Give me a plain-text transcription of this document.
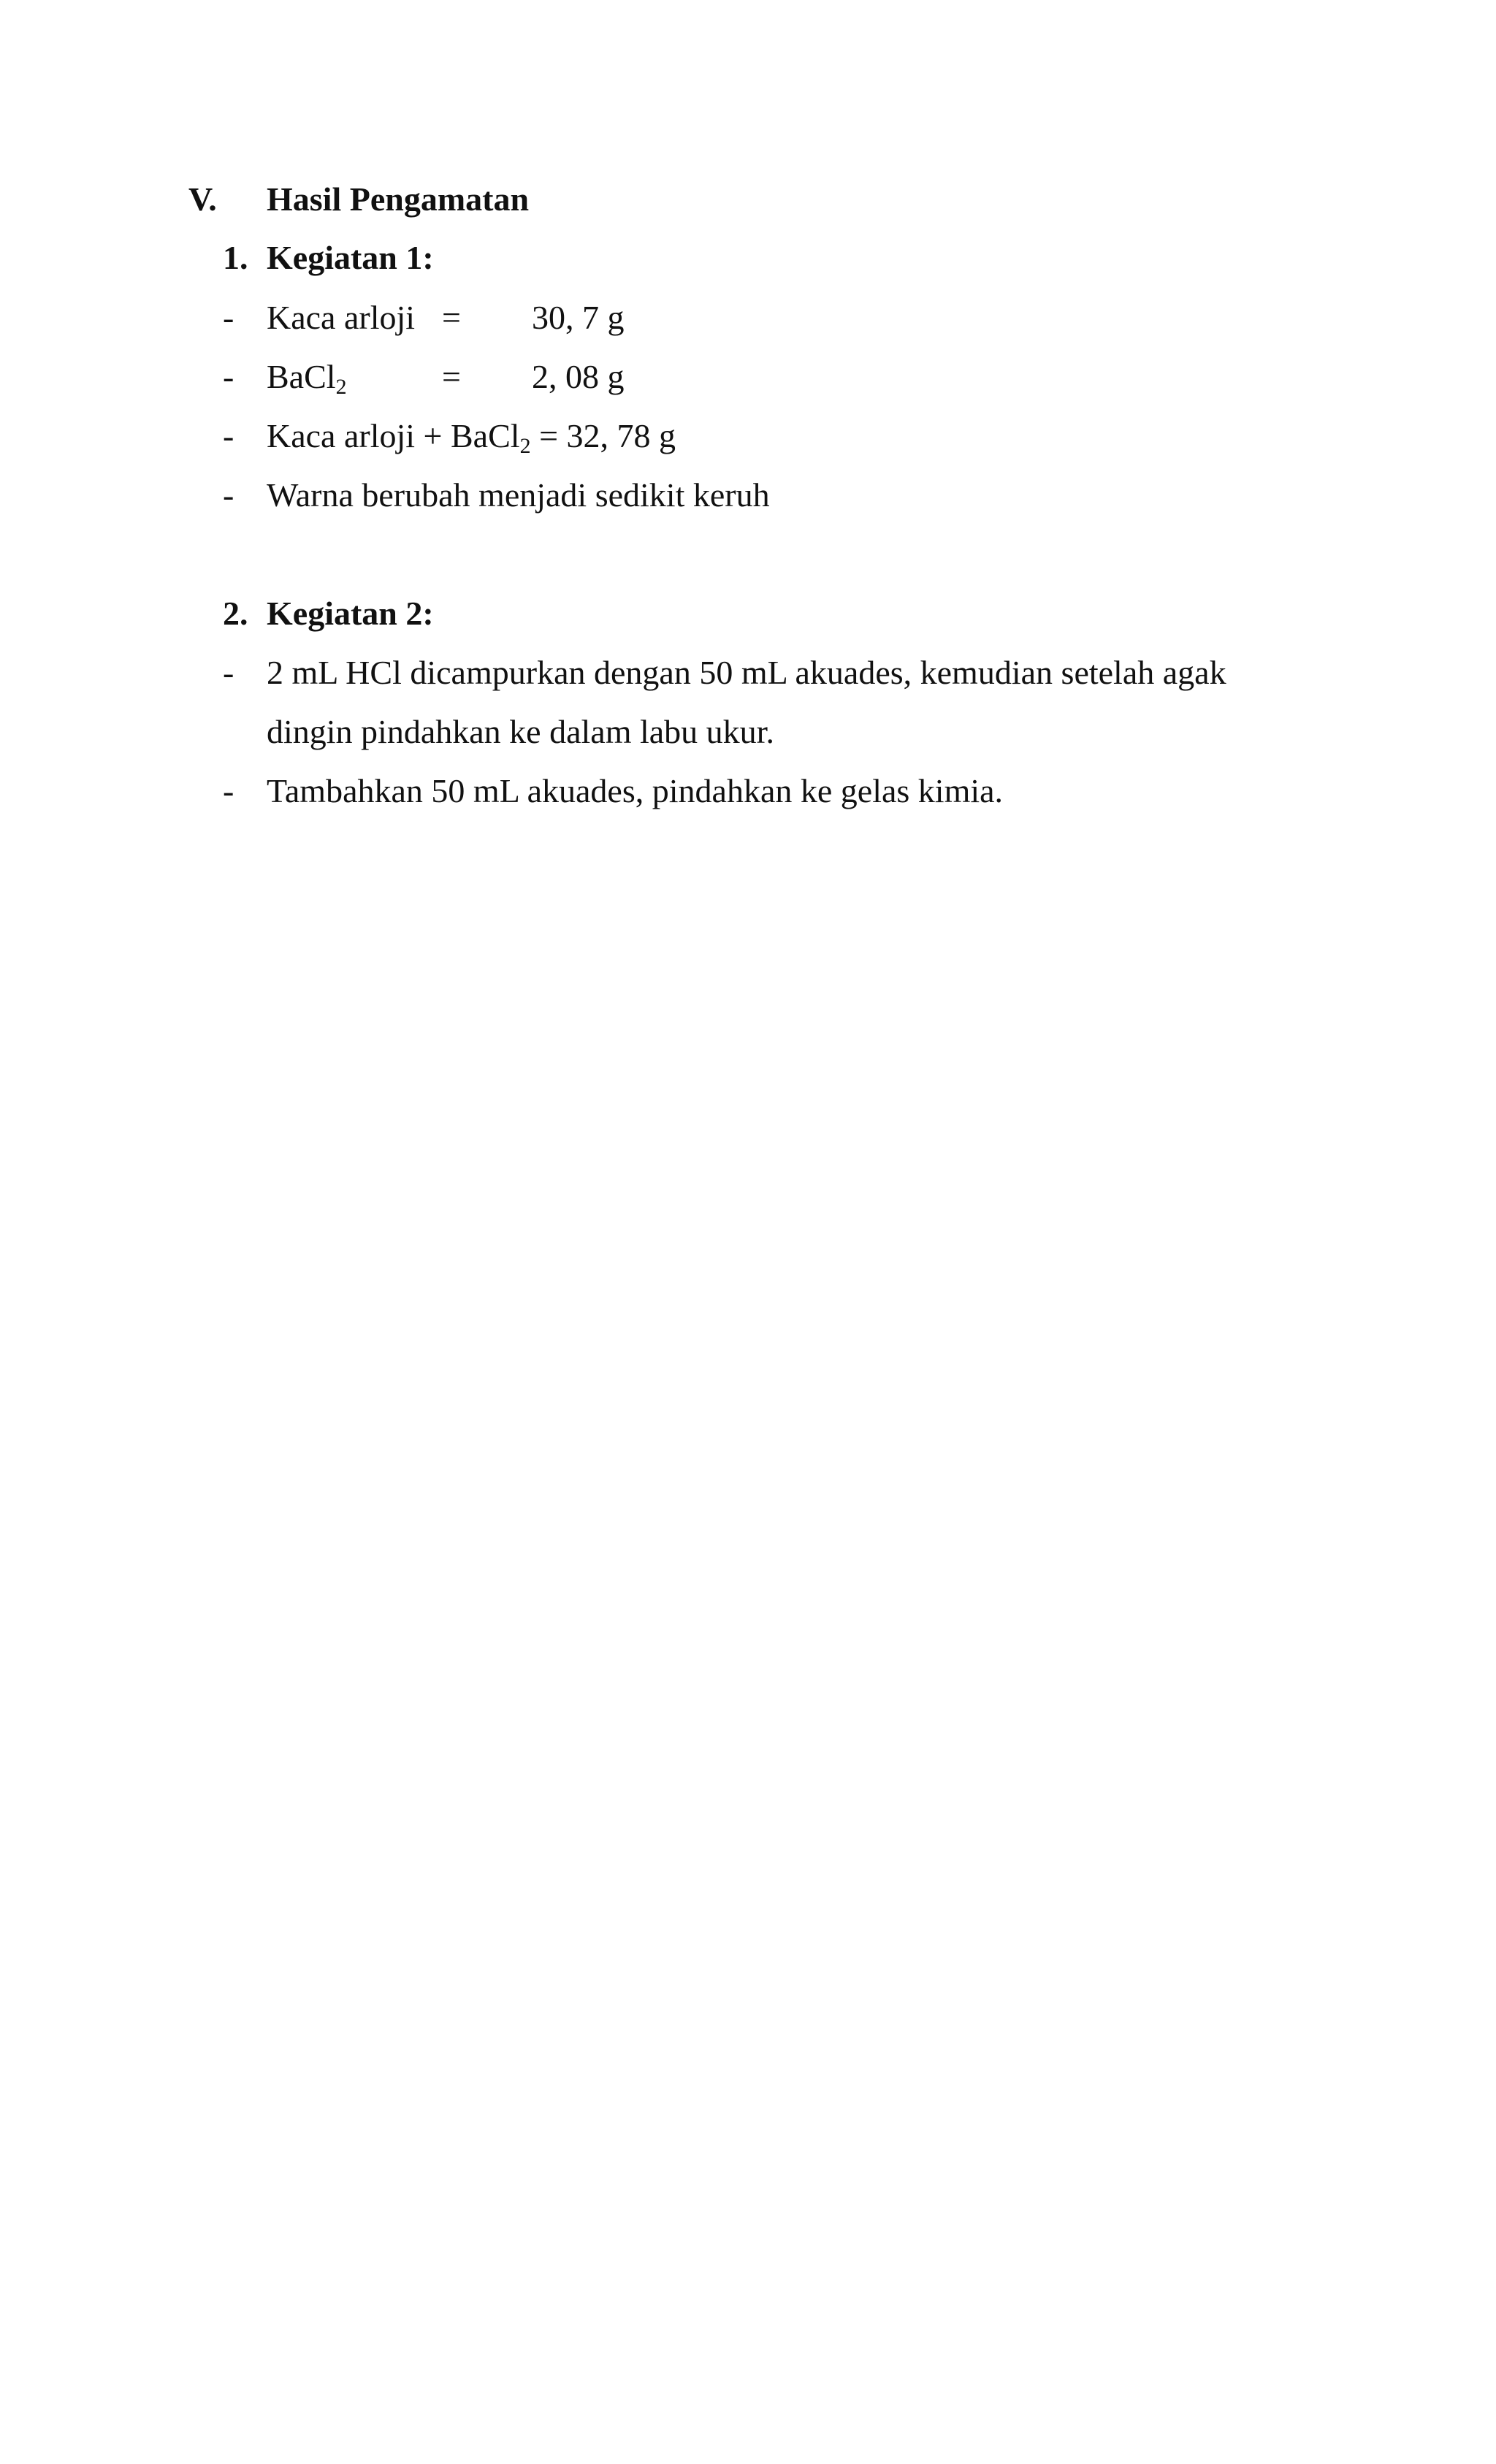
V. Hasil Pengamatan
1. Kegiatan 1:
- Kaca arloji = 30, 7 g
- BaCl$_2$	= 2, 08 g
- Kaca arloji + BaCl$_2$ = 32, 78 g
- Warna berubah menjadi sedikit keruh
2. Kegiatan 2:
- 2 mL HCl dicampurkan dengan 50 mL akuades, kemudian setelah agak
dingin pindahkan ke dalam labu ukur.
- Tambahkan 50 mL akuades, pindahkan ke gelas kimia.
